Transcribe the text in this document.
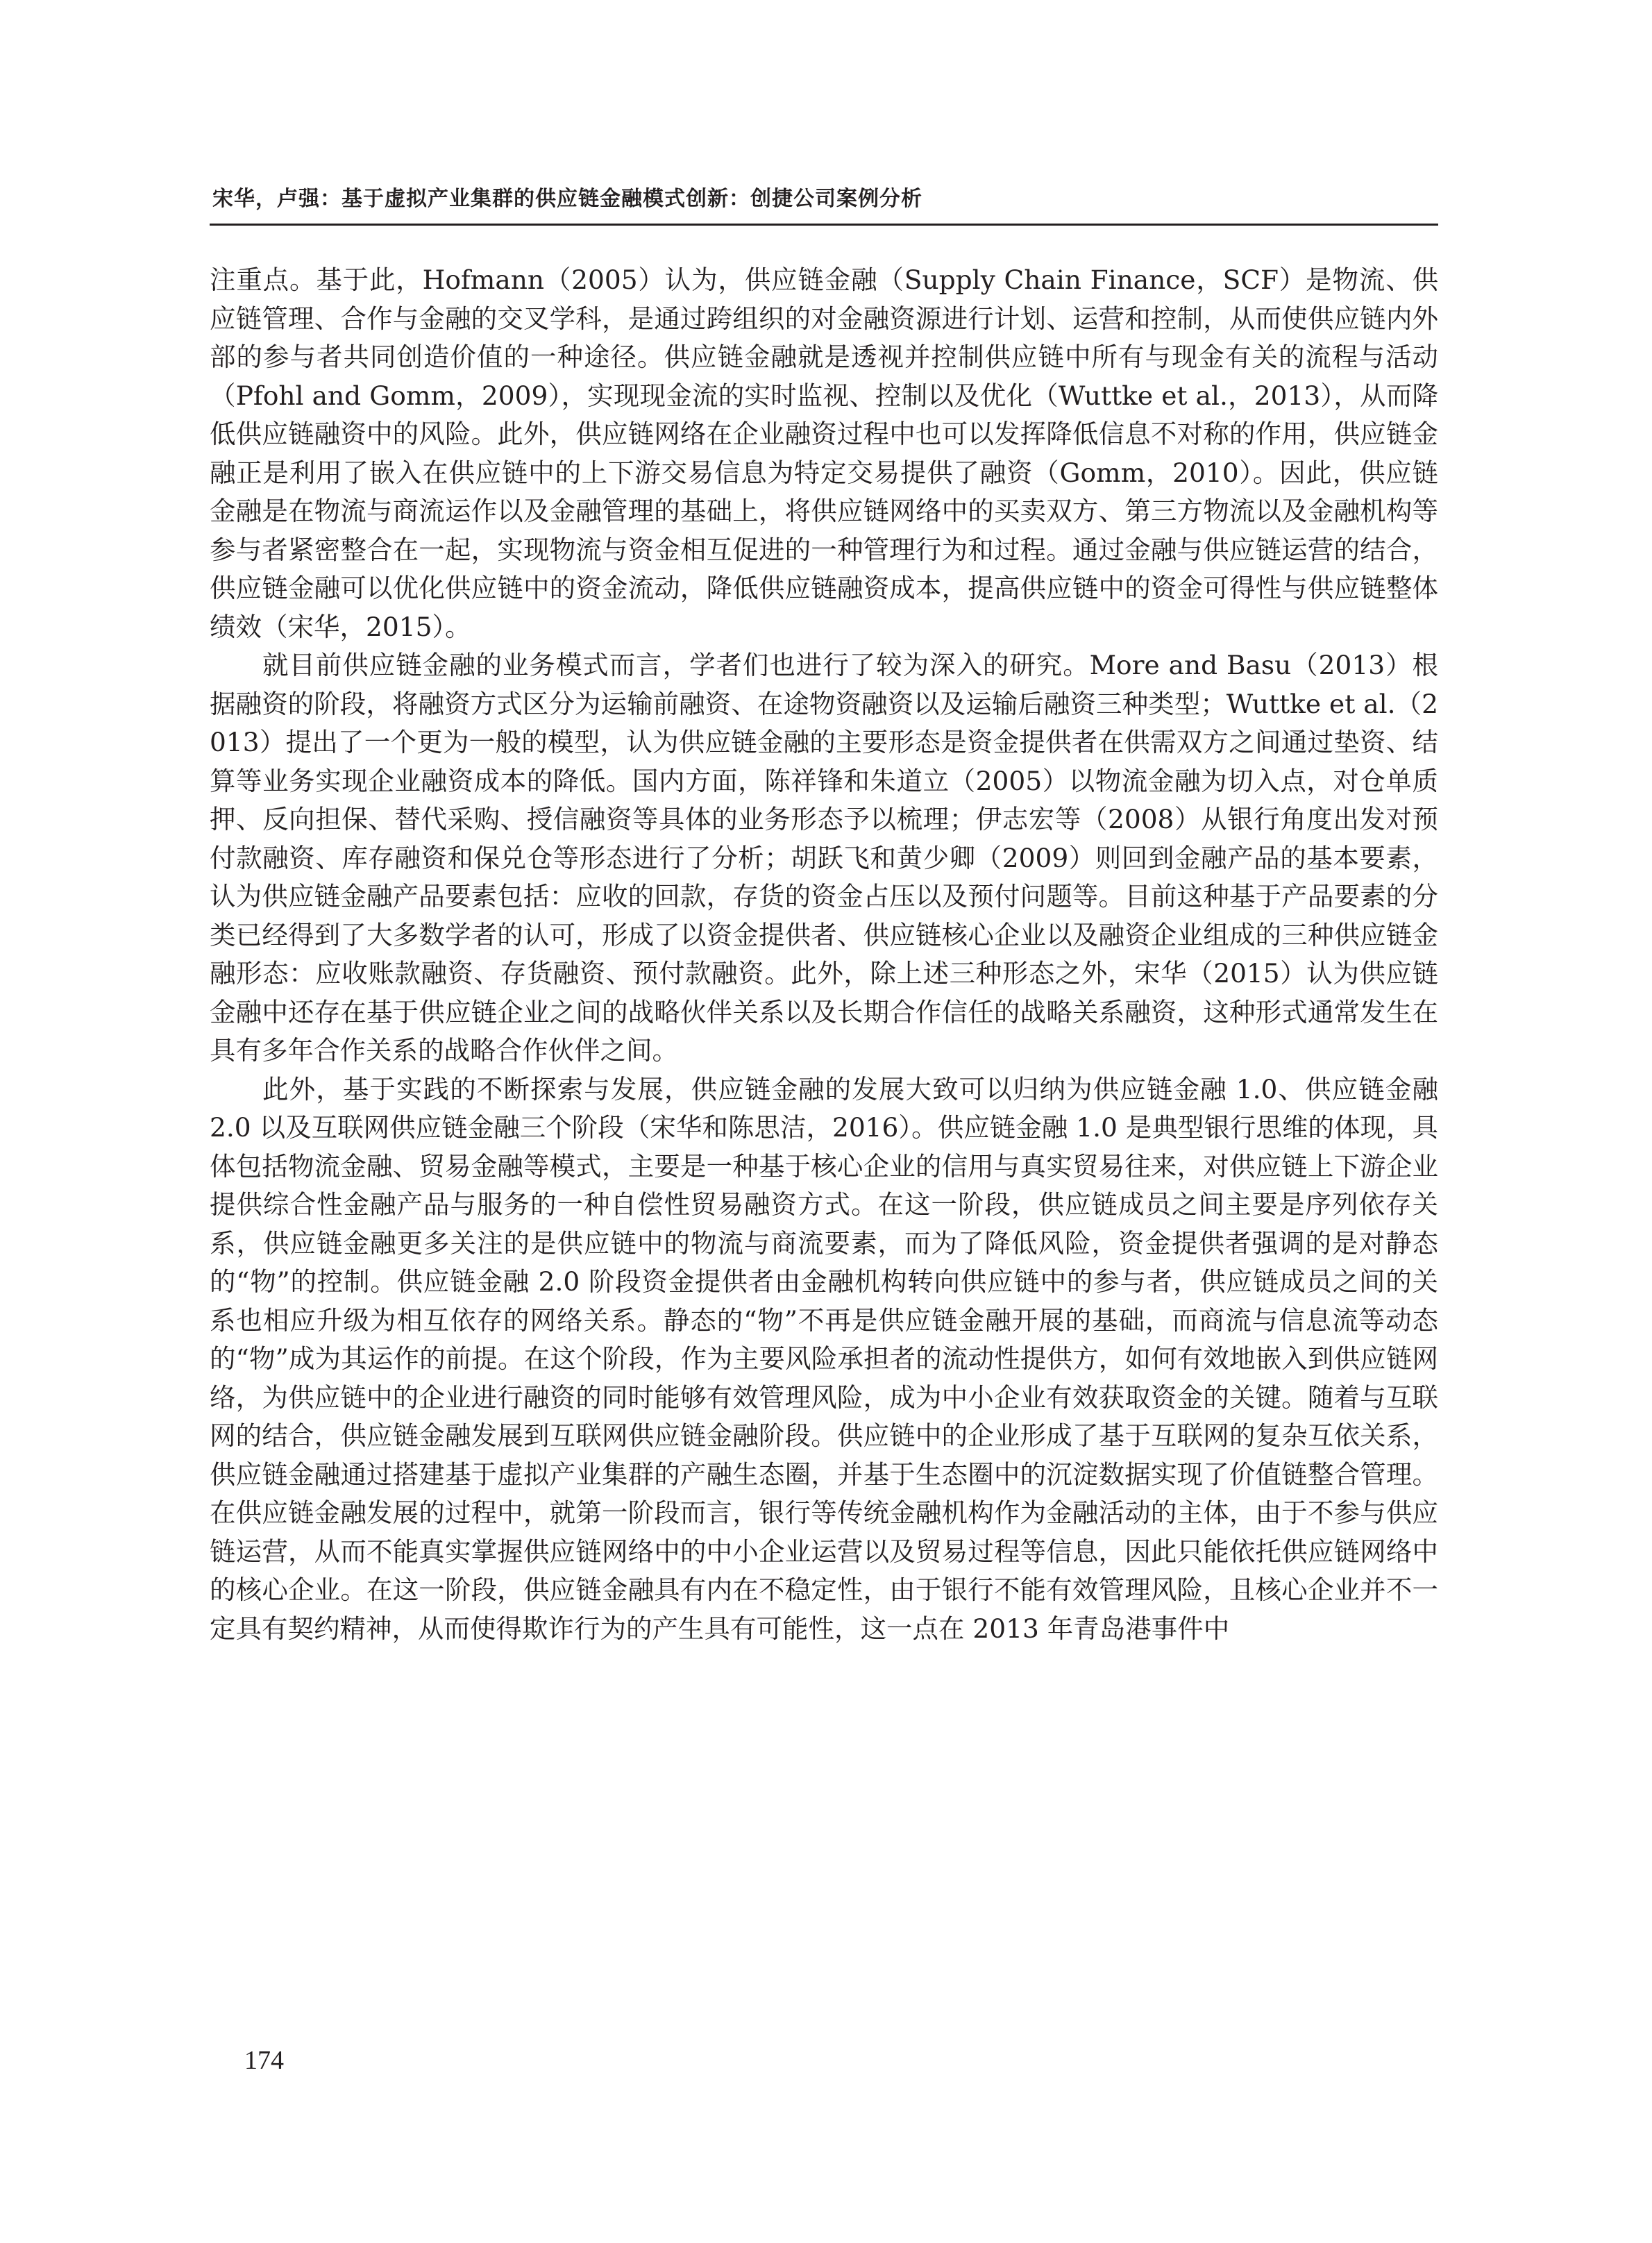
宋华，卢强：基于虚拟产业集群的供应链金融模式创新：创捷公司案例分析

注重点。基于此，Hofmann（2005）认为，供应链金融（Supply Chain Finance，SCF）是物流、供应链管理、合作与金融的交叉学科，是通过跨组织的对金融资源进行计划、运营和控制，从而使供应链内外部的参与者共同创造价值的一种途径。供应链金融就是透视并控制供应链中所有与现金有关的流程与活动（Pfohl and Gomm，2009），实现现金流的实时监视、控制以及优化（Wuttke et al.，2013），从而降低供应链融资中的风险。此外，供应链网络在企业融资过程中也可以发挥降低信息不对称的作用，供应链金融正是利用了嵌入在供应链中的上下游交易信息为特定交易提供了融资（Gomm，2010）。因此，供应链金融是在物流与商流运作以及金融管理的基础上，将供应链网络中的买卖双方、第三方物流以及金融机构等参与者紧密整合在一起，实现物流与资金相互促进的一种管理行为和过程。通过金融与供应链运营的结合，供应链金融可以优化供应链中的资金流动，降低供应链融资成本，提高供应链中的资金可得性与供应链整体绩效（宋华，2015）。

就目前供应链金融的业务模式而言，学者们也进行了较为深入的研究。More and Basu（2013）根据融资的阶段，将融资方式区分为运输前融资、在途物资融资以及运输后融资三种类型；Wuttke et al.（2013）提出了一个更为一般的模型，认为供应链金融的主要形态是资金提供者在供需双方之间通过垫资、结算等业务实现企业融资成本的降低。国内方面，陈祥锋和朱道立（2005）以物流金融为切入点，对仓单质押、反向担保、替代采购、授信融资等具体的业务形态予以梳理；伊志宏等（2008）从银行角度出发对预付款融资、库存融资和保兑仓等形态进行了分析；胡跃飞和黄少卿（2009）则回到金融产品的基本要素，认为供应链金融产品要素包括：应收的回款，存货的资金占压以及预付问题等。目前这种基于产品要素的分类已经得到了大多数学者的认可，形成了以资金提供者、供应链核心企业以及融资企业组成的三种供应链金融形态：应收账款融资、存货融资、预付款融资。此外，除上述三种形态之外，宋华（2015）认为供应链金融中还存在基于供应链企业之间的战略伙伴关系以及长期合作信任的战略关系融资，这种形式通常发生在具有多年合作关系的战略合作伙伴之间。

此外，基于实践的不断探索与发展，供应链金融的发展大致可以归纳为供应链金融 1.0、供应链金融 2.0 以及互联网供应链金融三个阶段（宋华和陈思洁，2016）。供应链金融 1.0 是典型银行思维的体现，具体包括物流金融、贸易金融等模式，主要是一种基于核心企业的信用与真实贸易往来，对供应链上下游企业提供综合性金融产品与服务的一种自偿性贸易融资方式。在这一阶段，供应链成员之间主要是序列依存关系，供应链金融更多关注的是供应链中的物流与商流要素，而为了降低风险，资金提供者强调的是对静态的“物”的控制。供应链金融 2.0 阶段资金提供者由金融机构转向供应链中的参与者，供应链成员之间的关系也相应升级为相互依存的网络关系。静态的“物”不再是供应链金融开展的基础，而商流与信息流等动态的“物”成为其运作的前提。在这个阶段，作为主要风险承担者的流动性提供方，如何有效地嵌入到供应链网络，为供应链中的企业进行融资的同时能够有效管理风险，成为中小企业有效获取资金的关键。随着与互联网的结合，供应链金融发展到互联网供应链金融阶段。供应链中的企业形成了基于互联网的复杂互依关系，供应链金融通过搭建基于虚拟产业集群的产融生态圈，并基于生态圈中的沉淀数据实现了价值链整合管理。在供应链金融发展的过程中，就第一阶段而言，银行等传统金融机构作为金融活动的主体，由于不参与供应链运营，从而不能真实掌握供应链网络中的中小企业运营以及贸易过程等信息，因此只能依托供应链网络中的核心企业。在这一阶段，供应链金融具有内在不稳定性，由于银行不能有效管理风险，且核心企业并不一定具有契约精神，从而使得欺诈行为的产生具有可能性，这一点在 2013 年青岛港事件中

174
